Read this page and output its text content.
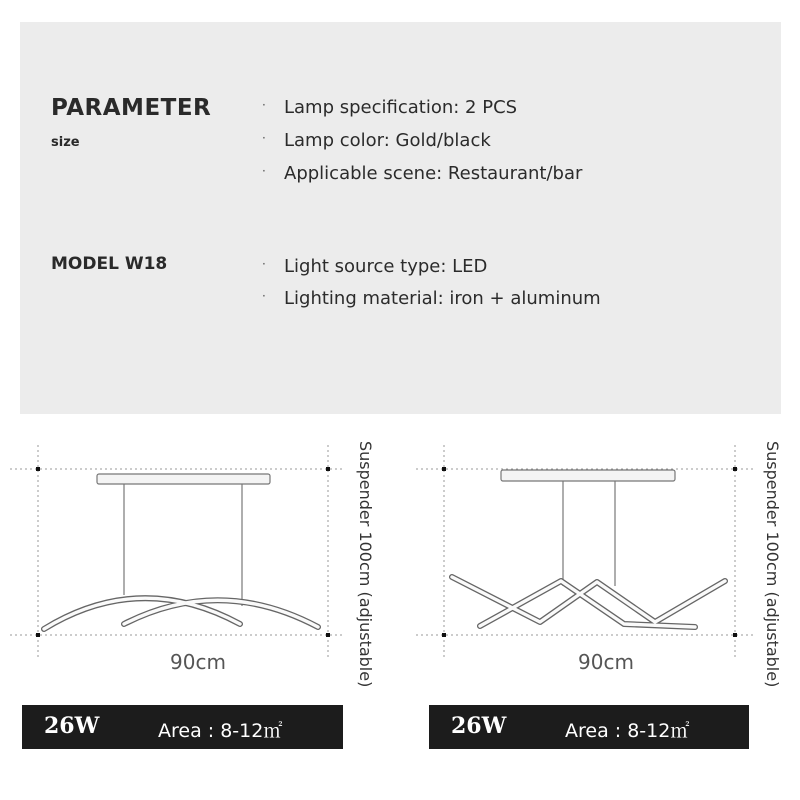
PARAMETER
size
MODEL W18
· Lamp specification: 2 PCS
· Lamp color: Gold/black
· Applicable scene: Restaurant/bar
· Light source type: LED
· Lighting material: iron + aluminum
90cm	Suspender 100cm (adjustable)	90cm	Suspender 100cm (adjustable)
26W	Area : 8-12㎡	26W	Area : 8-12㎡
